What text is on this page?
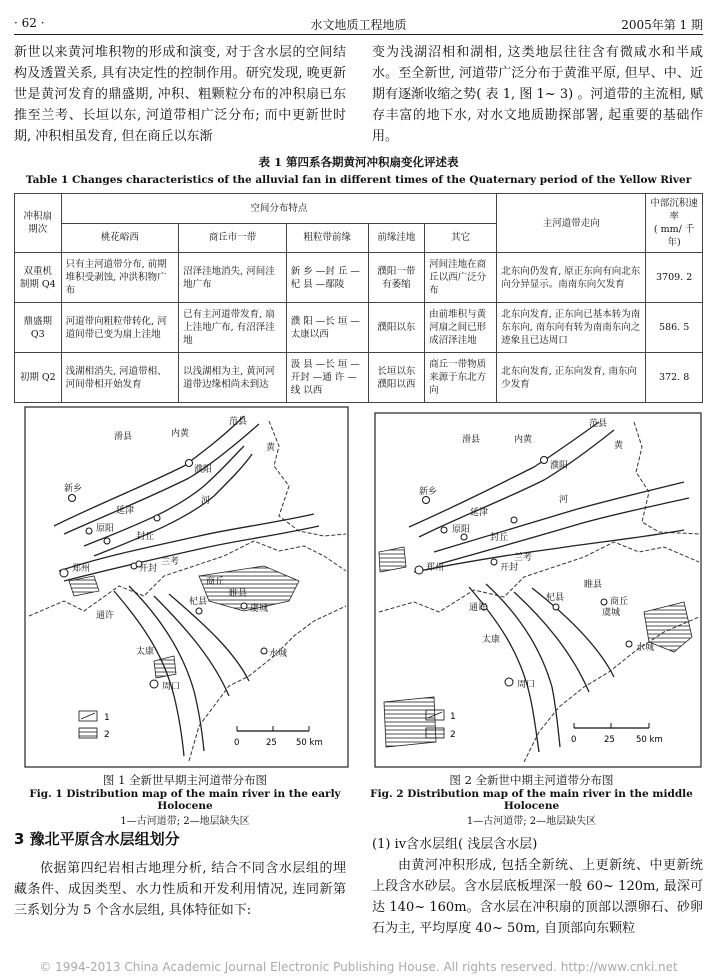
· 62 ·	水文地质工程地质	2005年第 1 期

新世以来黄河堆积物的形成和演变, 对于含水层的空间结构及透置关系, 具有决定性的控制作用。研究发现, 晚更新世是黄河发育的鼎盛期, 冲积、粗颗粒分布的冲积扇已东推至兰考、长垣以东, 河道带相广泛分布; 而中更新世时期, 冲积相虽发育, 但在商丘以东渐

变为浅湖沼相和湖相, 这类地层往往含有微咸水和半咸水。至全新世, 河道带广泛分布于黄淮平原, 但早、中、近期有逐渐收缩之势( 表 1, 图 1~ 3) 。河道带的主流相, 赋存丰富的地下水, 对水文地质勘探部署, 起重要的基础作用。

表 1 第四系各期黄河冲积扇变化评述表
Table 1 Changes characteristics of the alluvial fan in different times of the Quaternary period of the Yellow River
冲积扇期次	空间分布特点					主河道带走向	中部沉积速率
( mm/ 千年)
	桃花峪西	商丘市一带	粗粒带前缘	前缘洼地	其它		
双重机制期 Q4	只有主河道带分布, 前期堆积受剥蚀, 冲洪积物广布	沼泽洼地消失, 河间洼地广布	新 乡 —封 丘 —杞 县 —鄢陵	濮阳一带有萎缩	河间洼地在商丘以西广泛分布	北东向仍发育, 原正东向有向北东向分异显示。南南东向欠发育	3709. 2
鼎盛期 Q3	河道带向粗粒带转化, 河道间带已变为扇上洼地	已有主河道带发育, 扇上洼地广布, 有沼泽洼地	濮 阳 —长 垣 —太康以西	濮阳以东	由前堆积与黄河扇之间已形成沼泽洼地	北东向发育, 正东向已基本转为南东东向, 南东向有转为南南东向之迹象且已达周口	586. 5
初期 Q2	浅湖相消失, 河道带相、河间带相开始发育	以浅湖相为主, 黄河河道带边缘相尚未到达	汲 县 —长 垣 —开封 —通 许 —线 以西	长垣以东濮阳以西	商丘一带物质来源于东北方向	北东向发育, 正东向发育, 南东向少发育	372. 8
内黄
范县
黄
滑县
濮阳
新乡
河
延津
原阳
封丘
兰考
郑州	开封
通许
杞县
睢县
商丘
虞城
太康
周口
水城
1
2
0	25 50 km
内黄
范县
黄
滑县
濮阳
新乡
河
延津
原阳
封丘
兰考
郑州	开封
通许
杞县
睢县
商丘
虞城
太康
周口
水城
1
2	0	25 50 km
图 1 全新世早期主河道带分布图
Fig. 1 Distribution map of the main river in the early Holocene
1—古河道带; 2—地层缺失区
图 2 全新世中期主河道带分布图
Fig. 2 Distribution map of the main river in the middle Holocene
1—古河道带; 2—地层缺失区
3 豫北平原含水层组划分

依据第四纪岩相古地理分析, 结合不同含水层组的埋藏条件、成因类型、水力性质和开发利用情况, 连同新第三系划分为 5 个含水层组, 具体特征如下:

(1) iv含水层组( 浅层含水层)

由黄河冲积形成, 包括全新统、上更新统、中更新统上段含水砂层。含水层底板埋深一般 60~ 120m, 最深可达 140~ 160m。含水层在冲积扇的顶部以漂卵石、砂卵石为主, 平均厚度 40~ 50m, 自顶部向东颗粒

© 1994-2013 China Academic Journal Electronic Publishing House. All rights reserved. http://www.cnki.net
